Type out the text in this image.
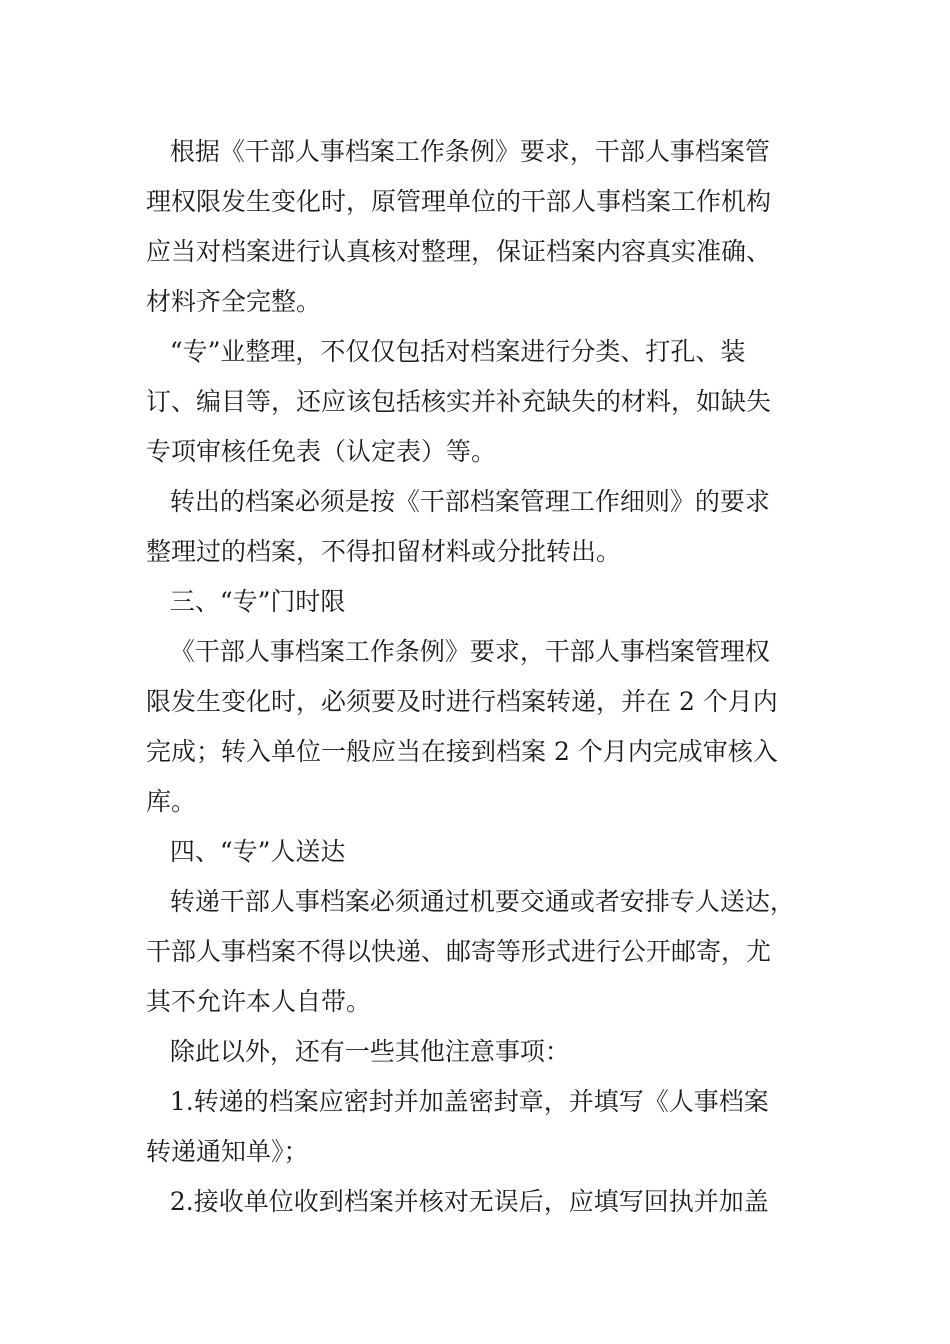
根据《干部人事档案工作条例》要求，干部人事档案管
理权限发生变化时，原管理单位的干部人事档案工作机构
应当对档案进行认真核对整理，保证档案内容真实准确、
材料齐全完整。
“专”业整理，不仅仅包括对档案进行分类、打孔、装
订、编目等，还应该包括核实并补充缺失的材料，如缺失
专项审核任免表（认定表）等。
转出的档案必须是按《干部档案管理工作细则》的要求
整理过的档案，不得扣留材料或分批转出。
三、“专”门时限
《干部人事档案工作条例》要求，干部人事档案管理权
限发生变化时，必须要及时进行档案转递，并在 2 个月内
完成；转入单位一般应当在接到档案 2 个月内完成审核入
库。
四、“专”人送达
转递干部人事档案必须通过机要交通或者安排专人送达，
干部人事档案不得以快递、邮寄等形式进行公开邮寄，尤
其不允许本人自带。
除此以外，还有一些其他注意事项：
1.转递的档案应密封并加盖密封章，并填写《人事档案
转递通知单》；
2.接收单位收到档案并核对无误后，应填写回执并加盖
